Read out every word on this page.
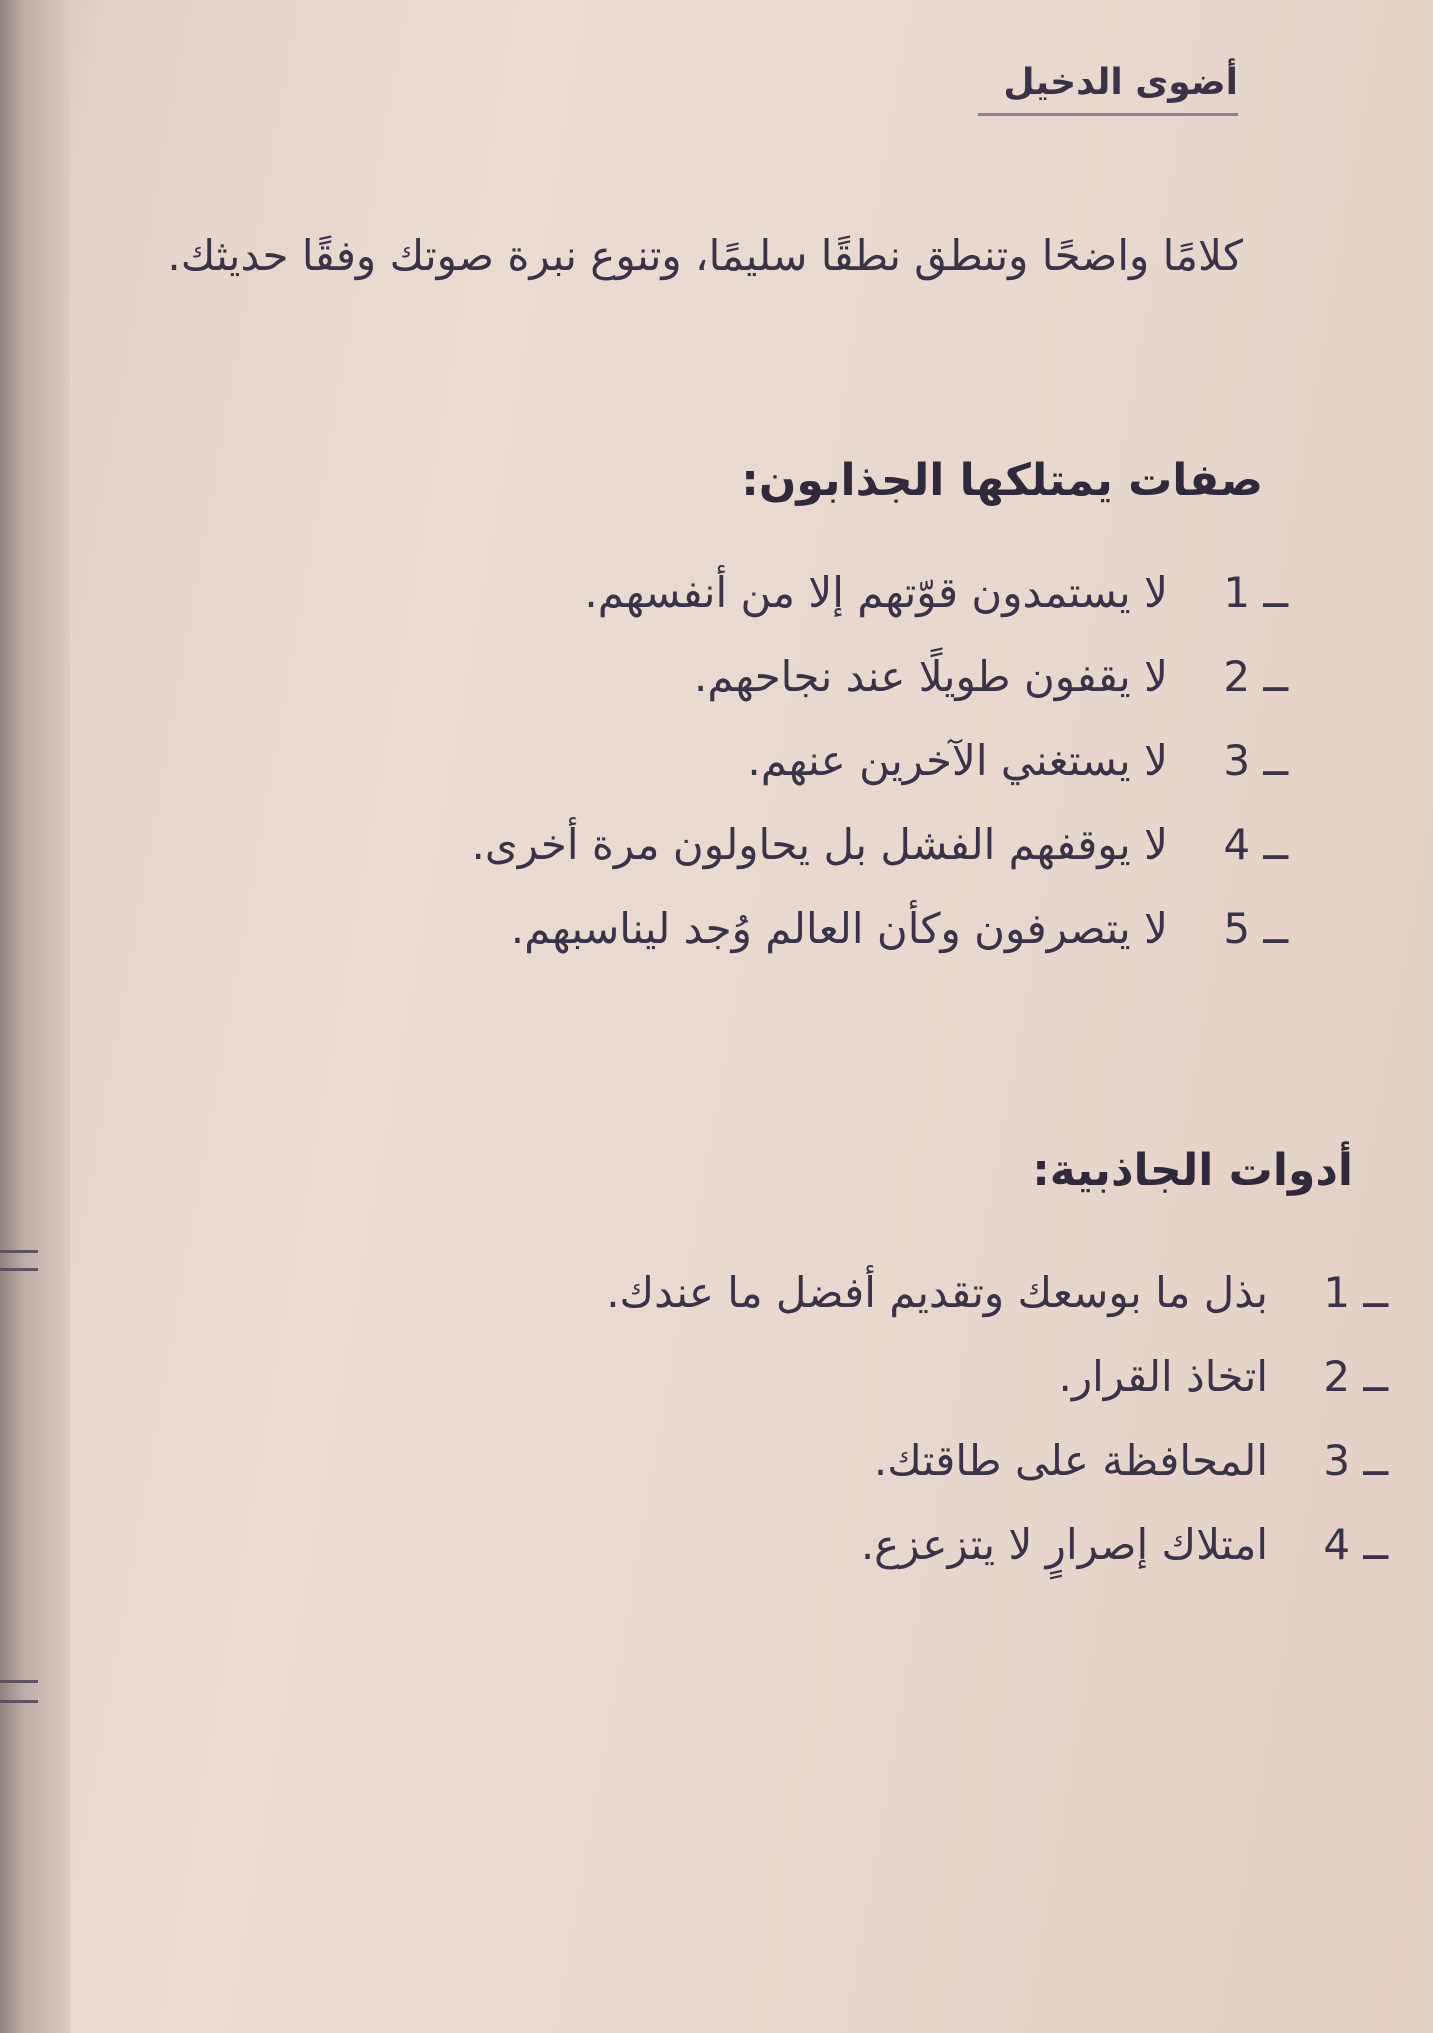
أضوى الدخيل
كلامًا واضحًا وتنطق نطقًا سليمًا، وتنوع نبرة صوتك وفقًا حديثك.
صفات يمتلكها الجذابون:
1 ــ
لا يستمدون قوّتهم إلا من أنفسهم.
2 ــ
لا يقفون طويلًا عند نجاحهم.
3 ــ
لا يستغني الآخرين عنهم.
4 ــ
لا يوقفهم الفشل بل يحاولون مرة أخرى.
5 ــ
لا يتصرفون وكأن العالم وُجد ليناسبهم.
أدوات الجاذبية:
1 ــ
بذل ما بوسعك وتقديم أفضل ما عندك.
2 ــ
اتخاذ القرار.
3 ــ
المحافظة على طاقتك.
4 ــ
امتلاك إصرارٍ لا يتزعزع.
